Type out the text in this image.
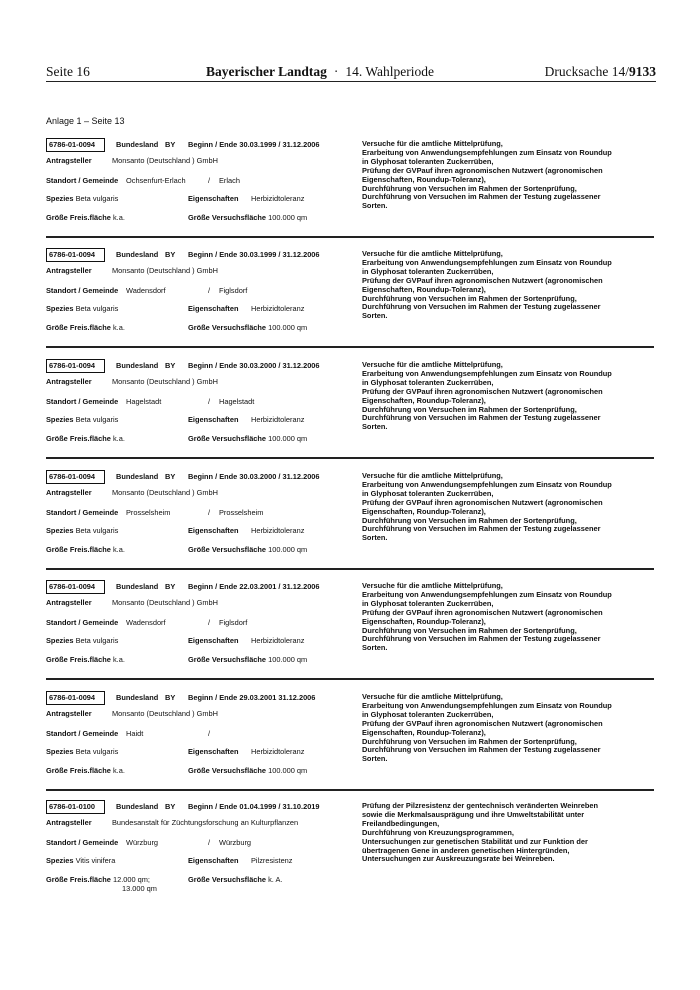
Seite 16	Bayerischer Landtag · 14. Wahlperiode	Drucksache 14/9133
Anlage 1 – Seite 13
6786-01-0094	Bundesland BY Beginn / Ende 30.03.1999 / 31.12.2006
Antragsteller	Monsanto (Deutschland ) GmbH
Standort / Gemeinde Ochsenfurt-Erlach	/ Erlach
Spezies Beta vulgaris	Eigenschaften Herbizidtoleranz
Größe Freis.fläche k.a.	Größe Versuchsfläche 100.000 qm
Versuche für die amtliche Mittelprüfung,
Erarbeitung von Anwendungsempfehlungen zum Einsatz von Roundup
in Glyphosat toleranten Zuckerrüben,
Prüfung der GVPauf ihren agronomischen Nutzwert (agronomischen
Eigenschaften, Roundup-Toleranz),
Durchführung von Versuchen im Rahmen der Sortenprüfung,
Durchführung von Versuchen im Rahmen der Testung zugelassener
Sorten.
6786-01-0094	Bundesland BY Beginn / Ende 30.03.1999 / 31.12.2006
Antragsteller	Monsanto (Deutschland ) GmbH
Standort / Gemeinde Wadensdorf	/ Figlsdorf
Spezies Beta vulgaris	Eigenschaften Herbizidtoleranz
Größe Freis.fläche k.a.	Größe Versuchsfläche 100.000 qm
Versuche für die amtliche Mittelprüfung,
Erarbeitung von Anwendungsempfehlungen zum Einsatz von Roundup
in Glyphosat toleranten Zuckerrüben,
Prüfung der GVPauf ihren agronomischen Nutzwert (agronomischen
Eigenschaften, Roundup-Toleranz),
Durchführung von Versuchen im Rahmen der Sortenprüfung,
Durchführung von Versuchen im Rahmen der Testung zugelassener
Sorten.
6786-01-0094	Bundesland BY Beginn / Ende 30.03.2000 / 31.12.2006
Antragsteller	Monsanto (Deutschland ) GmbH
Standort / Gemeinde Hagelstadt	/ Hagelstadt
Spezies Beta vulgaris	Eigenschaften Herbizidtoleranz
Größe Freis.fläche k.a.	Größe Versuchsfläche 100.000 qm
Versuche für die amtliche Mittelprüfung,
Erarbeitung von Anwendungsempfehlungen zum Einsatz von Roundup
in Glyphosat toleranten Zuckerrüben,
Prüfung der GVPauf ihren agronomischen Nutzwert (agronomischen
Eigenschaften, Roundup-Toleranz),
Durchführung von Versuchen im Rahmen der Sortenprüfung,
Durchführung von Versuchen im Rahmen der Testung zugelassener
Sorten.
6786-01-0094	Bundesland BY Beginn / Ende 30.03.2000 / 31.12.2006
Antragsteller	Monsanto (Deutschland ) GmbH
Standort / Gemeinde Prosselsheim	/ Prosselsheim
Spezies Beta vulgaris	Eigenschaften Herbizidtoleranz
Größe Freis.fläche k.a.	Größe Versuchsfläche 100.000 qm
Versuche für die amtliche Mittelprüfung,
Erarbeitung von Anwendungsempfehlungen zum Einsatz von Roundup
in Glyphosat toleranten Zuckerrüben,
Prüfung der GVPauf ihren agronomischen Nutzwert (agronomischen
Eigenschaften, Roundup-Toleranz),
Durchführung von Versuchen im Rahmen der Sortenprüfung,
Durchführung von Versuchen im Rahmen der Testung zugelassener
Sorten.
6786-01-0094	Bundesland BY Beginn / Ende 22.03.2001 / 31.12.2006
Antragsteller	Monsanto (Deutschland ) GmbH
Standort / Gemeinde Wadensdorf	/ Figlsdorf
Spezies Beta vulgaris	Eigenschaften Herbizidtoleranz
Größe Freis.fläche k.a.	Größe Versuchsfläche 100.000 qm
Versuche für die amtliche Mittelprüfung,
Erarbeitung von Anwendungsempfehlungen zum Einsatz von Roundup
in Glyphosat toleranten Zuckerrüben,
Prüfung der GVPauf ihren agronomischen Nutzwert (agronomischen
Eigenschaften, Roundup-Toleranz),
Durchführung von Versuchen im Rahmen der Sortenprüfung,
Durchführung von Versuchen im Rahmen der Testung zugelassener
Sorten.
6786-01-0094	Bundesland BY Beginn / Ende 29.03.2001 31.12.2006
Antragsteller	Monsanto (Deutschland ) GmbH
Standort / Gemeinde Haidt	/
Spezies Beta vulgaris	Eigenschaften Herbizidtoleranz
Größe Freis.fläche k.a.	Größe Versuchsfläche 100.000 qm
Versuche für die amtliche Mittelprüfung,
Erarbeitung von Anwendungsempfehlungen zum Einsatz von Roundup
in Glyphosat toleranten Zuckerrüben,
Prüfung der GVPauf ihren agronomischen Nutzwert (agronomischen
Eigenschaften, Roundup-Toleranz),
Durchführung von Versuchen im Rahmen der Sortenprüfung,
Durchführung von Versuchen im Rahmen der Testung zugelassener
Sorten.
6786-01-0100	Bundesland BY Beginn / Ende 01.04.1999 / 31.10.2019
Antragsteller	Bundesanstalt für Züchtungsforschung an Kulturpflanzen
Standort / Gemeinde Würzburg	/ Würzburg
Spezies Vitis vinifera	Eigenschaften Pilzresistenz
Größe Freis.fläche 12.000 qm;
13.000 qm
Größe Versuchsfläche k. A.
Prüfung der Pilzresistenz der gentechnisch veränderten Weinreben
sowie die Merkmalsausprägung und ihre Umweltstabilität unter
Freilandbedingungen,
Durchführung von Kreuzungsprogrammen,
Untersuchungen zur genetischen Stabilität und zur Funktion der
übertragenen Gene in anderen genetischen Hintergründen,
Untersuchungen zur Auskreuzungsrate bei Weinreben.
